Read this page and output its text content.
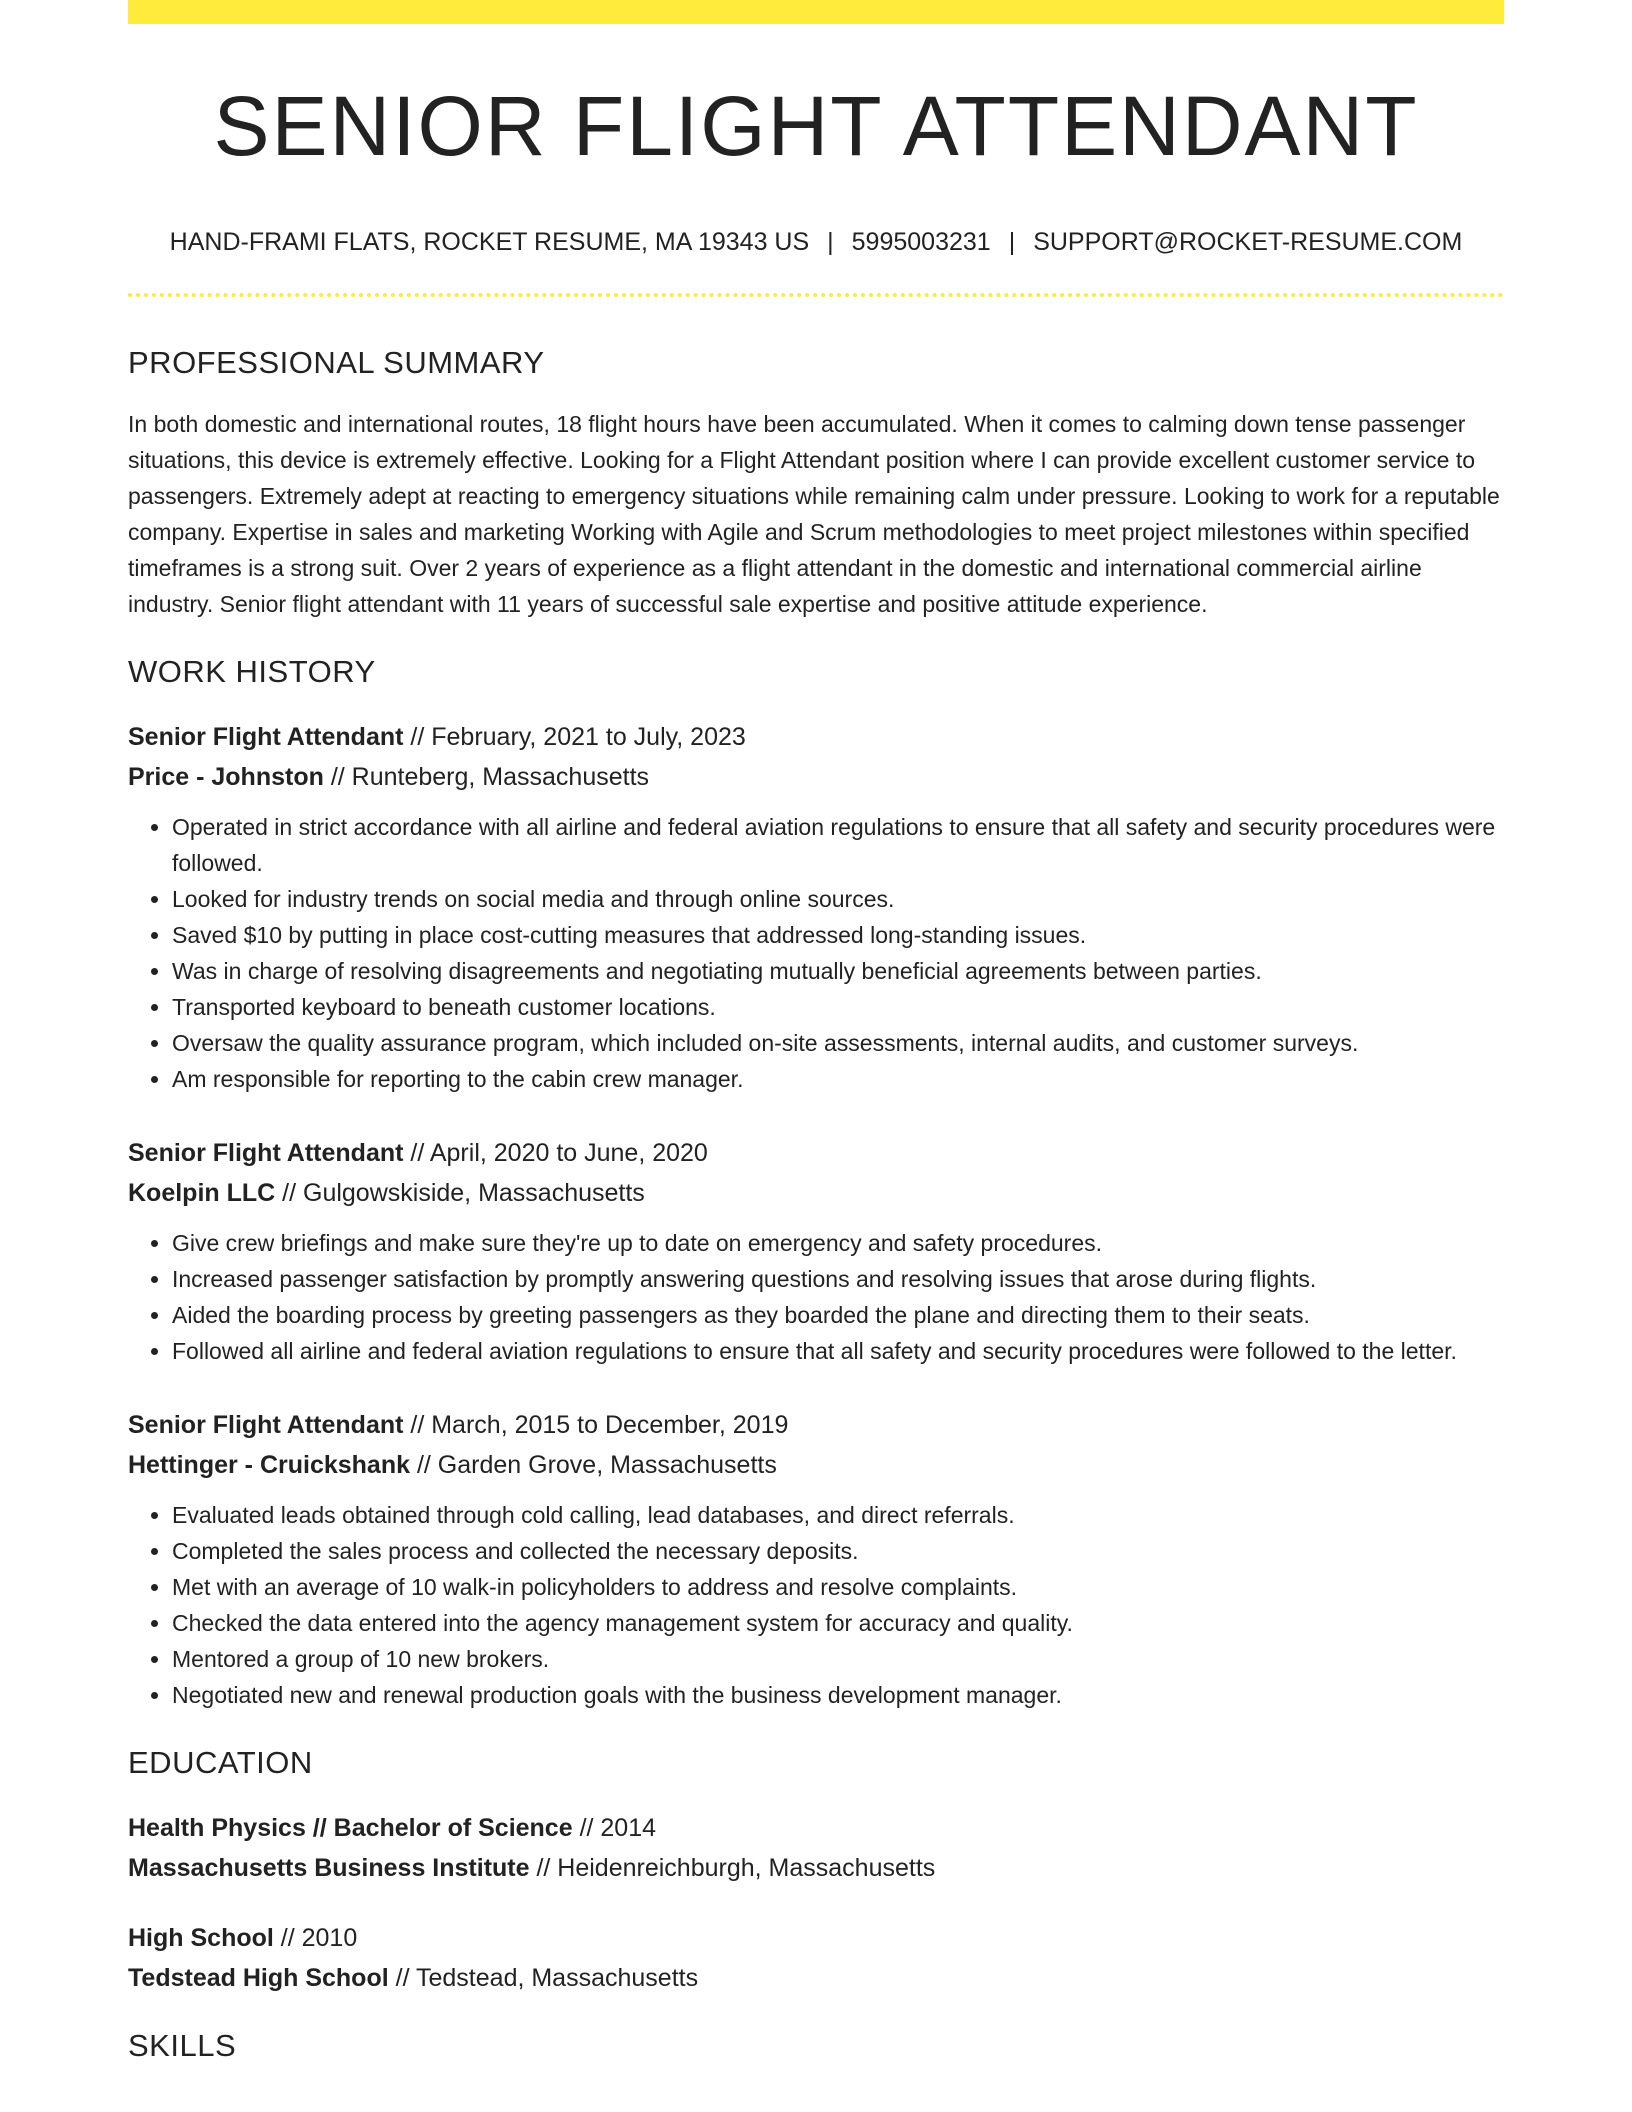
SENIOR FLIGHT ATTENDANT
HAND-FRAMI FLATS, ROCKET RESUME, MA 19343 US | 5995003231 | SUPPORT@ROCKET-RESUME.COM
PROFESSIONAL SUMMARY

In both domestic and international routes, 18 flight hours have been accumulated. When it comes to calming down tense passenger situations, this device is extremely effective. Looking for a Flight Attendant position where I can provide excellent customer service to passengers. Extremely adept at reacting to emergency situations while remaining calm under pressure. Looking to work for a reputable company. Expertise in sales and marketing Working with Agile and Scrum methodologies to meet project milestones within specified timeframes is a strong suit. Over 2 years of experience as a flight attendant in the domestic and international commercial airline industry. Senior flight attendant with 11 years of successful sale expertise and positive attitude experience.

WORK HISTORY
Senior Flight Attendant // February, 2021 to July, 2023
Price - Johnston // Runteberg, Massachusetts
• Operated in strict accordance with all airline and federal aviation regulations to ensure that all safety and security procedures were followed.
• Looked for industry trends on social media and through online sources.
• Saved $10 by putting in place cost-cutting measures that addressed long-standing issues.
• Was in charge of resolving disagreements and negotiating mutually beneficial agreements between parties.
• Transported keyboard to beneath customer locations.
• Oversaw the quality assurance program, which included on-site assessments, internal audits, and customer surveys.
• Am responsible for reporting to the cabin crew manager.
Senior Flight Attendant // April, 2020 to June, 2020
Koelpin LLC // Gulgowskiside, Massachusetts
• Give crew briefings and make sure they're up to date on emergency and safety procedures.
• Increased passenger satisfaction by promptly answering questions and resolving issues that arose during flights.
• Aided the boarding process by greeting passengers as they boarded the plane and directing them to their seats.
• Followed all airline and federal aviation regulations to ensure that all safety and security procedures were followed to the letter.
Senior Flight Attendant // March, 2015 to December, 2019
Hettinger - Cruickshank // Garden Grove, Massachusetts
• Evaluated leads obtained through cold calling, lead databases, and direct referrals.
• Completed the sales process and collected the necessary deposits.
• Met with an average of 10 walk-in policyholders to address and resolve complaints.
• Checked the data entered into the agency management system for accuracy and quality.
• Mentored a group of 10 new brokers.
• Negotiated new and renewal production goals with the business development manager.
EDUCATION
Health Physics // Bachelor of Science // 2014
Massachusetts Business Institute // Heidenreichburgh, Massachusetts
High School // 2010
Tedstead High School // Tedstead, Massachusetts
SKILLS
